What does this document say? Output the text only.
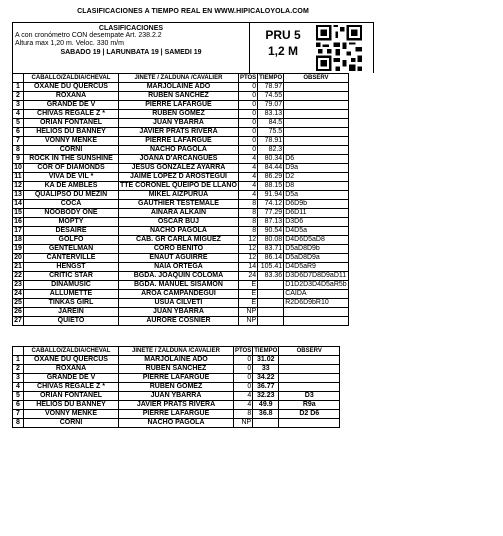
CLASIFICACIONES A TIEMPO REAL EN WWW.HIPICALOYOLA.COM
CLASIFICACIONES
A con cronómetro CON desempate Art. 238.2.2
Altura max 1,20 m. Veloc. 330 m/m
SABADO 19 | LARUNBATA 19 | SAMEDI 19
PRU 5
1,2 M
	CABALLO/ZALDIA/CHEVAL	JINETE / ZALDUNA /CAVALIER	PTOS	TIEMPO	OBSERV
1	OXANE DU QUERCUS	MARJOLAINE ADO	0	78.97	
2	ROXANA	RUBEN SANCHEZ	0	74.55	
3	GRANDE DE V	PIERRE LAFARGUE	0	79.07	
4	CHIVAS REGALE Z *	RUBEN GOMEZ	0	83.13	
5	ORIAN FONTANEL	JUAN YBARRA	0	84.5	
6	HELIOS DU BANNEY	JAVIER PRATS RIVERA	0	75.5	
7	VONNY MENKE	PIERRE LAFARGUE	0	78.91	
8	CORNI	NACHO PAGOLA	0	82.3	
9	ROCK IN THE SUNSHINE	JOANA D'ARCANGUES	4	80.34	D6
10	COR OF DIAMONDS	JESUS GONZALEZ AYARRA	4	84.44	D9a
11	VIVA DE VIL *	JAIME LOPEZ D AROSTEGUI	4	86.29	D2
12	KA DE AMBLES	TTE CORONEL QUEIPO DE LLANO	4	88.15	D8
13	QUALIPSO DU MEZIN	MIKEL AIZPURUA	4	91.94	D5a
14	COCA	GAUTHIER TESTEMALE	8	74.12	D6D9b
15	NOOBODY ONE	AINARA ALKAIN	8	77.29	D6D11
16	MOPTY	OSCAR BUJ	8	87.13	D3D6
17	DESAIRE	NACHO PAGOLA	8	90.54	D4D5a
18	GOLFO	CAB. GR CARLA MIGUEZ	12	80.08	D4D6D5aD8
19	GENTELMAN	CORO BENITO	12	83.71	D5aD8D9b
20	CANTERVILLE	EÑAUT AGUIRRE	12	86.14	D5aD8D9a
21	HENGST	NAIA ORTEGA	14	105.41	D4D5aR9
22	CRITIC STAR	BGDA. JOAQUIN COLOMA	24	83.36	D3D6D7D8D9aD11
23	DINAMUSIC	BGDA. MANUEL SISAMON	E		D1D2D3D4D5aR5b
24	ALLUMETTE	AROA CAMPANDEGUI	E		CAIDA
25	TINKAS GIRL	USUA CILVETI	E		R2D6D9bR10
26	JAREIN	JUAN YBARRA	NP		
27	QUIETO	AURORE COSNIER	NP		
	CABALLO/ZALDIA/CHEVAL	JINETE / ZALDUNA /CAVALIER	PTOS	TIEMPO	OBSERV
1	OXANE DU QUERCUS	MARJOLAINE ADO	0	31.02	
2	ROXANA	RUBEN SANCHEZ	0	33	
3	GRANDE DE V	PIERRE LAFARGUE	0	34.22	
4	CHIVAS REGALE Z *	RUBEN GOMEZ	0	36.77	
5	ORIAN FONTANEL	JUAN YBARRA	4	32.23	D3
6	HELIOS DU BANNEY	JAVIER PRATS RIVERA	4	49.9	R9a
7	VONNY MENKE	PIERRE LAFARGUE	8	36.8	D2 D6
8	CORNI	NACHO PAGOLA	NP		
